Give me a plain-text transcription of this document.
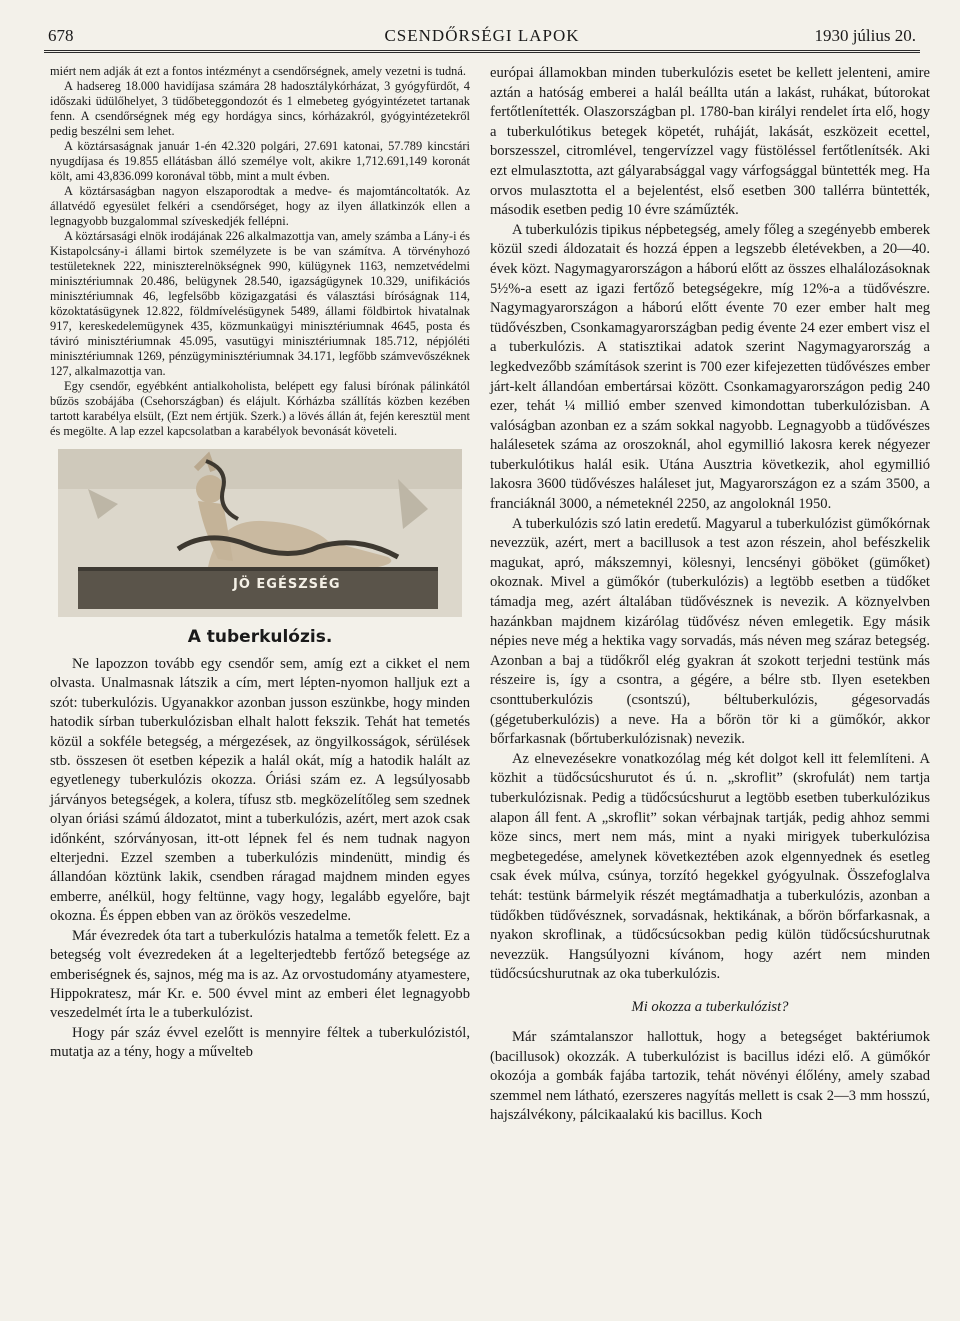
678	CSENDŐRSÉGI LAPOK	1930 július 20.

miért nem adják át ezt a fontos intézményt a csendőrségnek, amely vezetni is tudná.

A hadsereg 18.000 havidíjasa számára 28 hadosztálykórházat, 3 gyógyfürdőt, 4 időszaki üdülőhelyet, 3 tüdőbeteggondozót és 1 elmebeteg gyógyintézetet tartanak fenn. A csendőrségnek még egy hordágya sincs, kórházakról, gyógyintézetekről pedig beszélni sem lehet.

A köztársaságnak január 1-én 42.320 polgári, 27.691 katonai, 57.789 kincstári nyugdíjasa és 19.855 ellátásban álló személye volt, akikre 1,712.691,149 koronát költ, ami 43,836.099 koronával több, mint a mult évben.

A köztársaságban nagyon elszaporodtak a medve- és majomtáncoltatók. Az állatvédő egyesület felkéri a csendőrséget, hogy az ilyen állatkinzók ellen a legnagyobb buzgalommal szíveskedjék fellépni.

A köztársasági elnök irodájának 226 alkalmazottja van, amely számba a Lány-i és Kistapolcsány-i állami birtok személyzete is be van számítva. A törvényhozó testületeknek 222, miniszterelnökségnek 990, külügynek 1163, nemzetvédelmi minisztériumnak 20.486, belügynek 28.540, igazságügynek 10.329, unifikációs minisztériumnak 46, legfelsőbb közigazgatási és választási bíróságnak 114, közoktatásügynek 12.822, földmívelésügynek 5489, állami földbirtok hivatalnak 917, kereskedelemügynek 435, közmunkaügyi minisztériumnak 4645, posta és táviró minisztériumnak 45.095, vasutügyi minisztériumnak 185.712, népjóléti minisztériumnak 1269, pénzügyminisztériumnak 34.171, legfőbb számvevőszéknek 127, alkalmazottja van.

Egy csendőr, egyébként antialkoholista, belépett egy falusi bírónak pálinkától bűzös szobájába (Csehországban) és elájult. Kórházba szállítás közben kezében tartott karabélya elsült, (Ezt nem értjük. Szerk.) a lövés állán át, fején keresztül ment és megölte. A lap ezzel kapcsolatban a karabélyok bevonását követeli.

JÖ EGÉSZSÉG
A tuberkulózis.

Ne lapozzon tovább egy csendőr sem, amíg ezt a cikket el nem olvasta. Unalmasnak látszik a cím, mert lépten-nyomon halljuk ezt a szót: tuberkulózis. Ugyanakkor azonban jusson eszünkbe, hogy minden hatodik sírban tuberkulózisban elhalt halott fekszik. Tehát hat temetés közül a sokféle betegség, a mérgezések, az öngyilkosságok, sérülések stb. összesen öt esetben képezik a halál okát, míg a hatodik halált az egyetlenegy tuberkulózis okozza. Óriási szám ez. A legsúlyosabb járványos betegségek, a kolera, tífusz stb. megközelítőleg sem szednek olyan óriási számú áldozatot, mint a tuberkulózis, azért, mert azok csak időnként, szórványosan, itt-ott lépnek fel és nem tudnak nagyon elterjedni. Ezzel szemben a tuberkulózis mindenütt, mindig és állandóan köztünk lakik, csendben ráragad majdnem minden egyes emberre, anélkül, hogy feltünne, vagy hogy, legalább egyelőre, bajt okozna. És éppen ebben van az örökös veszedelme.

Már évezredek óta tart a tuberkulózis hatalma a temetők felett. Ez a betegség volt évezredeken át a legelterjedtebb fertőző betegsége az emberiségnek és, sajnos, még ma is az. Az orvostudomány atyamestere, Hippokratesz, már Kr. e. 500 évvel mint az emberi élet legnagyobb veszedelmét írta le a tuberkulózist.

Hogy pár száz évvel ezelőtt is mennyire féltek a tuberkulózistól, mutatja az a tény, hogy a művelteb

európai államokban minden tuberkulózis esetet be kellett jelenteni, amire aztán a hatóság emberei a halál beállta után a lakást, ruhákat, bútorokat fertőtlenítették. Olaszországban pl. 1780-ban királyi rendelet írta elő, hogy a tuberkulótikus betegek köpetét, ruháját, lakását, eszközeit ecettel, borszesszel, citromlével, tengervízzel vagy füstöléssel fertőtlenítsék. Aki ezt elmulasztotta, azt gályarabsággal vagy várfogsággal büntették meg. Ha orvos mulasztotta el a bejelentést, első esetben 300 tallérra büntették, második esetben pedig 10 évre száműzték.

A tuberkulózis tipikus népbetegség, amely főleg a szegényebb emberek közül szedi áldozatait és hozzá éppen a legszebb életévekben, a 20—40. évek közt. Nagymagyarországon a háború előtt az összes elhalálozásoknak 5½%-a esett az igazi fertőző betegségekre, míg 12%-a a tüdővészre. Nagymagyarországon a háború előtt évente 70 ezer ember halt meg tüdővészben, Csonkamagyarországban pedig évente 24 ezer embert visz el a tuberkulózis. A statisztikai adatok szerint Nagymagyarország a legkedvezőbb számítások szerint is 700 ezer kifejezetten tüdővészes ember járt-kelt állandóan embertársai között. Csonkamagyarországon pedig 240 ezer, tehát ¼ millió ember szenved kimondottan tuberkulózisban. A valóságban azonban ez a szám sokkal nagyobb. Legnagyobb a tüdővészes halálesetek száma az oroszoknál, ahol egymillió lakosra kerek négyezer tuberkulótikus halál esik. Utána Ausztria következik, ahol egymillió lakosra 3600 tüdővészes haláleset jut, Magyarországon ez a szám 3500, a franciáknál 3000, a németeknél 2250, az angoloknál 1950.

A tuberkulózis szó latin eredetű. Magyarul a tuberkulózist gümőkórnak nevezzük, azért, mert a bacillusok a test azon részein, ahol befészkelik magukat, apró, mákszemnyi, kölesnyi, lencsényi göböket (gümőket) okoznak. Mivel a gümőkór (tuberkulózis) a legtöbb esetben a tüdőket támadja meg, azért általában tüdővésznek is nevezik. A köznyelvben hazánkban majdnem kizárólag tüdővész néven emlegetik. Egy másik népies neve még a hektika vagy sorvadás, más néven meg száraz betegség. Azonban a baj a tüdőkről elég gyakran át szokott terjedni testünk más részeire is, így a csontra, a gégére, a bélre stb. Ilyen esetekben csonttuberkulózis (csontszú), béltuberkulózis, gégesorvadás (gégetuberkulózis) a neve. Ha a bőrön tör ki a gümőkór, akkor bőrfarkasnak (bőrtuberkulózisnak) nevezik.

Az elnevezésekre vonatkozólag még két dolgot kell itt felemlíteni. A közhit a tüdőcsúcshurutot és ú. n. „skroflit” (skrofulát) nem tartja tuberkulózisnak. Pedig a tüdőcsúcshurut a legtöbb esetben tuberkulózikus alapon áll fent. A „skroflit” sokan vérbajnak tartják, pedig ahhoz semmi köze sincs, mert nem más, mint a nyaki mirigyek tuberkulózisa megbetegedése, amelynek következtében azok elgennyednek és esetleg csak évek múlva, csúnya, torzító hegekkel gyógyulnak. Összefoglalva tehát: testünk bármelyik részét megtámadhatja a tuberkulózis, azonban a tüdőkben tüdővésznek, sorvadásnak, hektikának, a bőrön bőrfarkasnak, a nyakon skroflinak, a tüdőcsúcsokban pedig külön tüdőcsúcshurutnak nevezzük. Hangsúlyozni kívánom, hogy azért nem minden tüdőcsúcshurutnak az oka tuberkulózis.

Mi okozza a tuberkulózist?

Már számtalanszor hallottuk, hogy a betegséget baktériumok (bacillusok) okozzák. A tuberkulózist is bacillus idézi elő. A gümőkór okozója a gombák fajába tartozik, tehát növényi élőlény, amely szabad szemmel nem látható, ezerszeres nagyítás mellett is csak 2—3 mm hosszú, hajszálvékony, pálcikaalakú kis bacillus. Koch
